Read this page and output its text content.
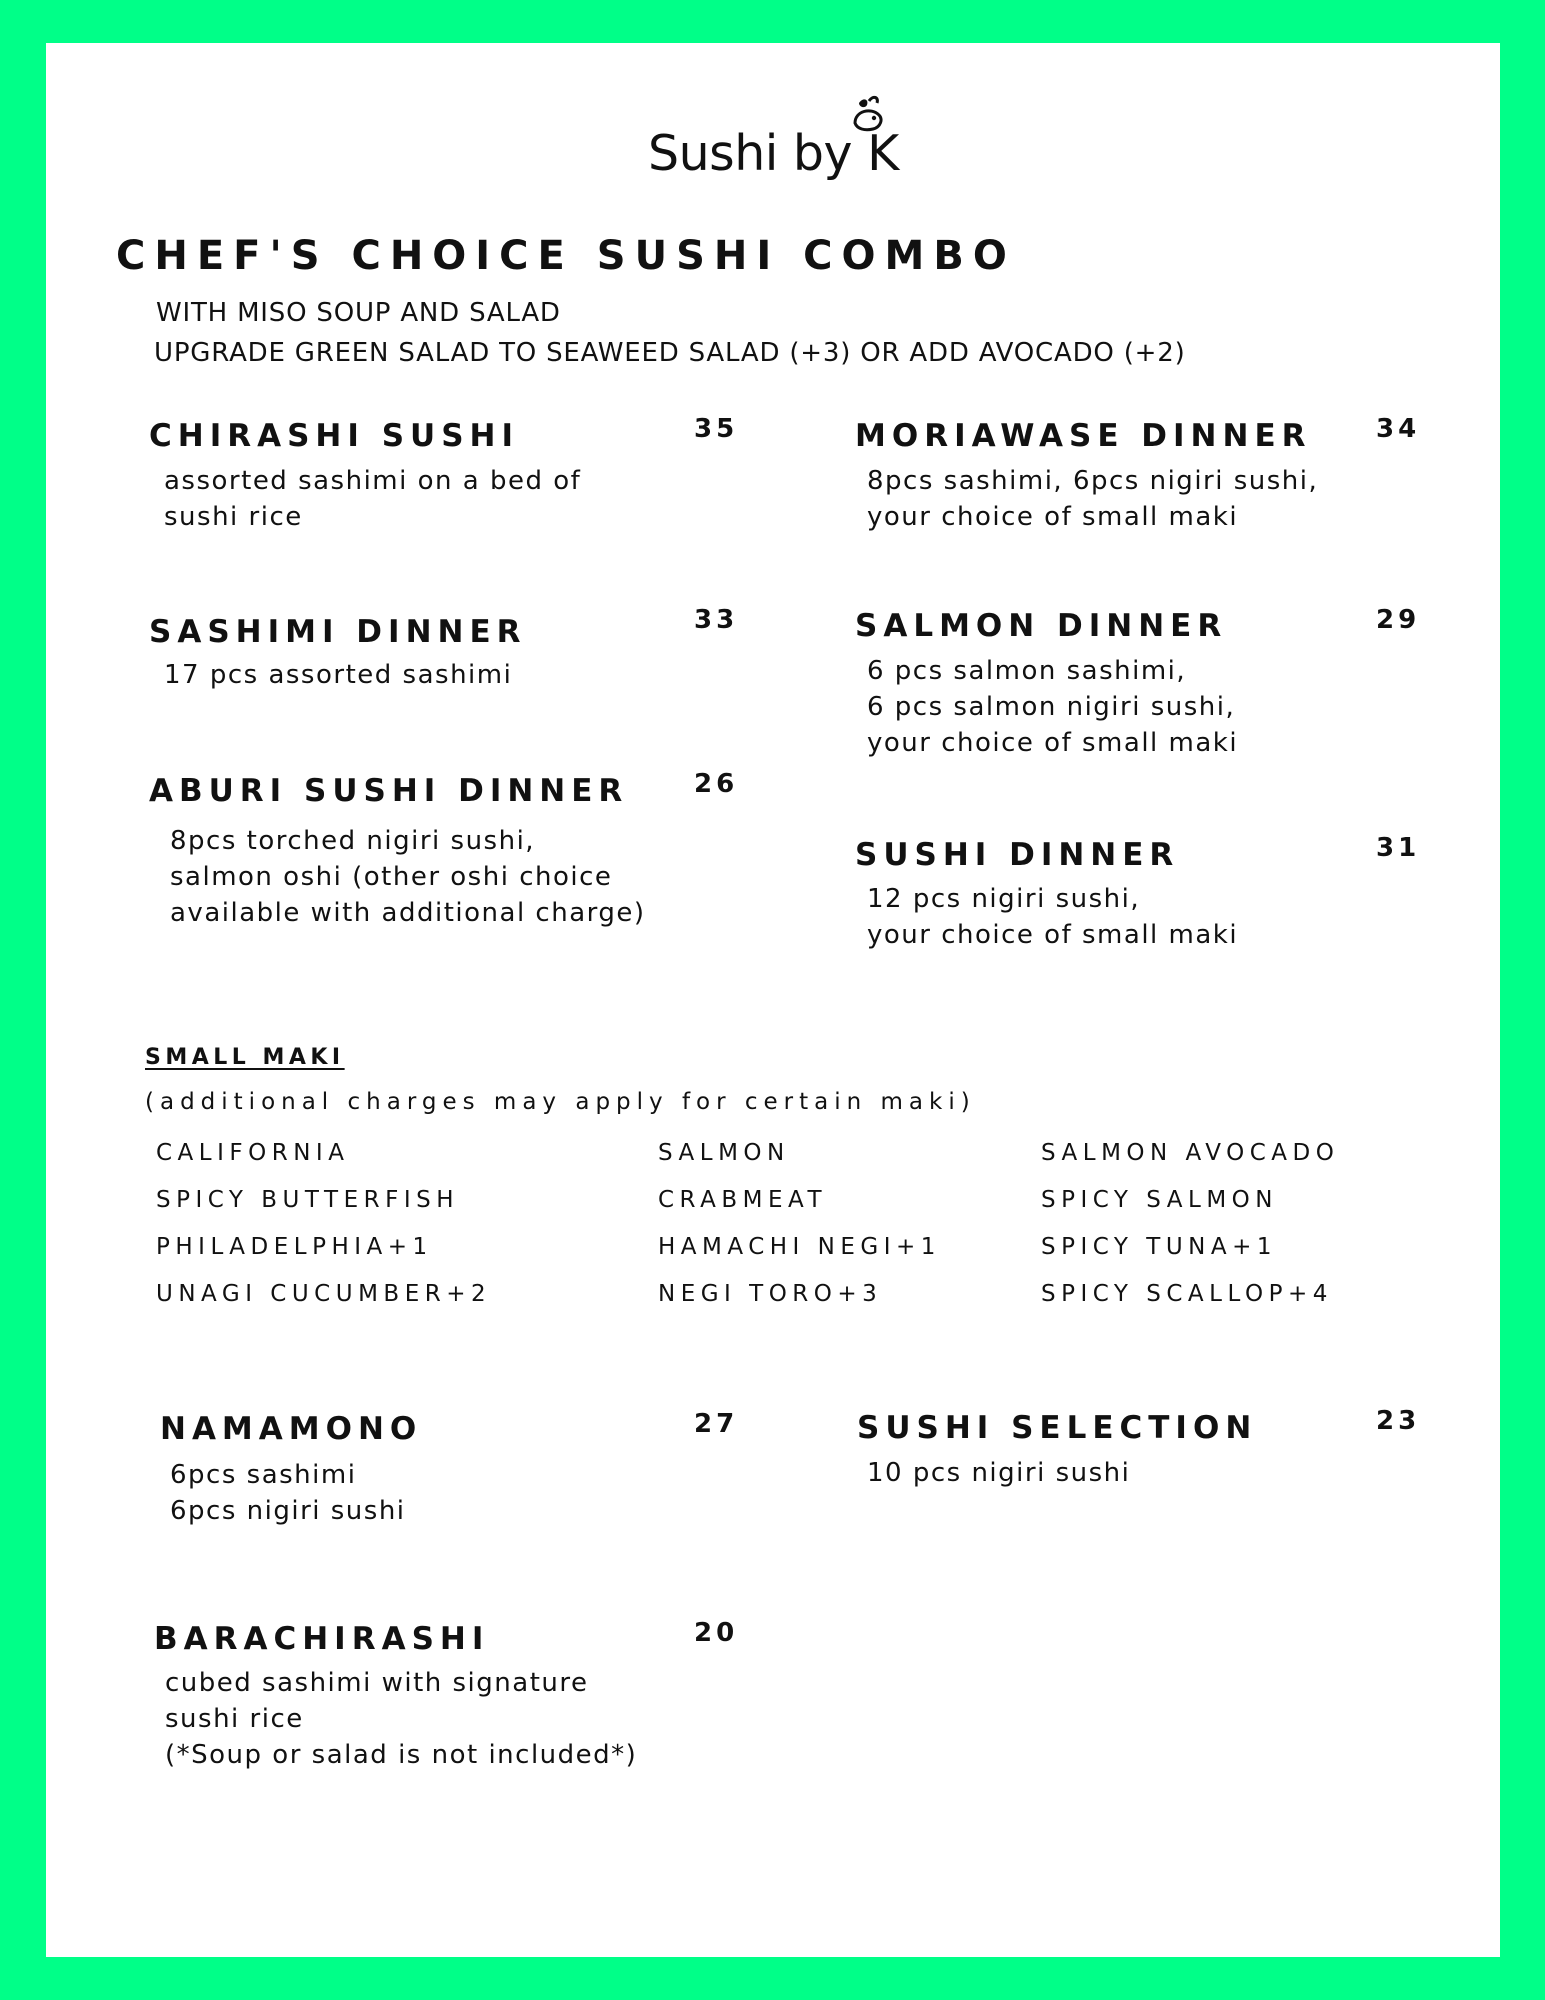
Sushi by K
CHEF'S CHOICE SUSHI COMBO
WITH MISO SOUP AND SALAD
UPGRADE GREEN SALAD TO SEAWEED SALAD (+3) OR ADD AVOCADO (+2)
CHIRASHI SUSHI	35
assorted sashimi on a bed of
sushi rice
MORIAWASE DINNER 34
8pcs sashimi, 6pcs nigiri sushi,
your choice of small maki
SASHIMI DINNER	33
17 pcs assorted sashimi
SALMON DINNER	29
6 pcs salmon sashimi,
6 pcs salmon nigiri sushi,
your choice of small maki
ABURI SUSHI DINNER	26
8pcs torched nigiri sushi,
salmon oshi (other oshi choice
available with additional charge)
SUSHI DINNER	31
12 pcs nigiri sushi,
your choice of small maki
SMALL MAKI
(additional charges may apply for certain maki)
CALIFORNIA
SPICY BUTTERFISH
PHILADELPHIA+1
UNAGI CUCUMBER+2
SALMON
CRABMEAT
HAMACHI NEGI+1
NEGI TORO+3
SALMON AVOCADO
SPICY SALMON
SPICY TUNA+1
SPICY SCALLOP+4
NAMAMONO	27
6pcs sashimi
6pcs nigiri sushi
SUSHI SELECTION	23
10 pcs nigiri sushi
BARACHIRASHI	20
cubed sashimi with signature
sushi rice
(*Soup or salad is not included*)
